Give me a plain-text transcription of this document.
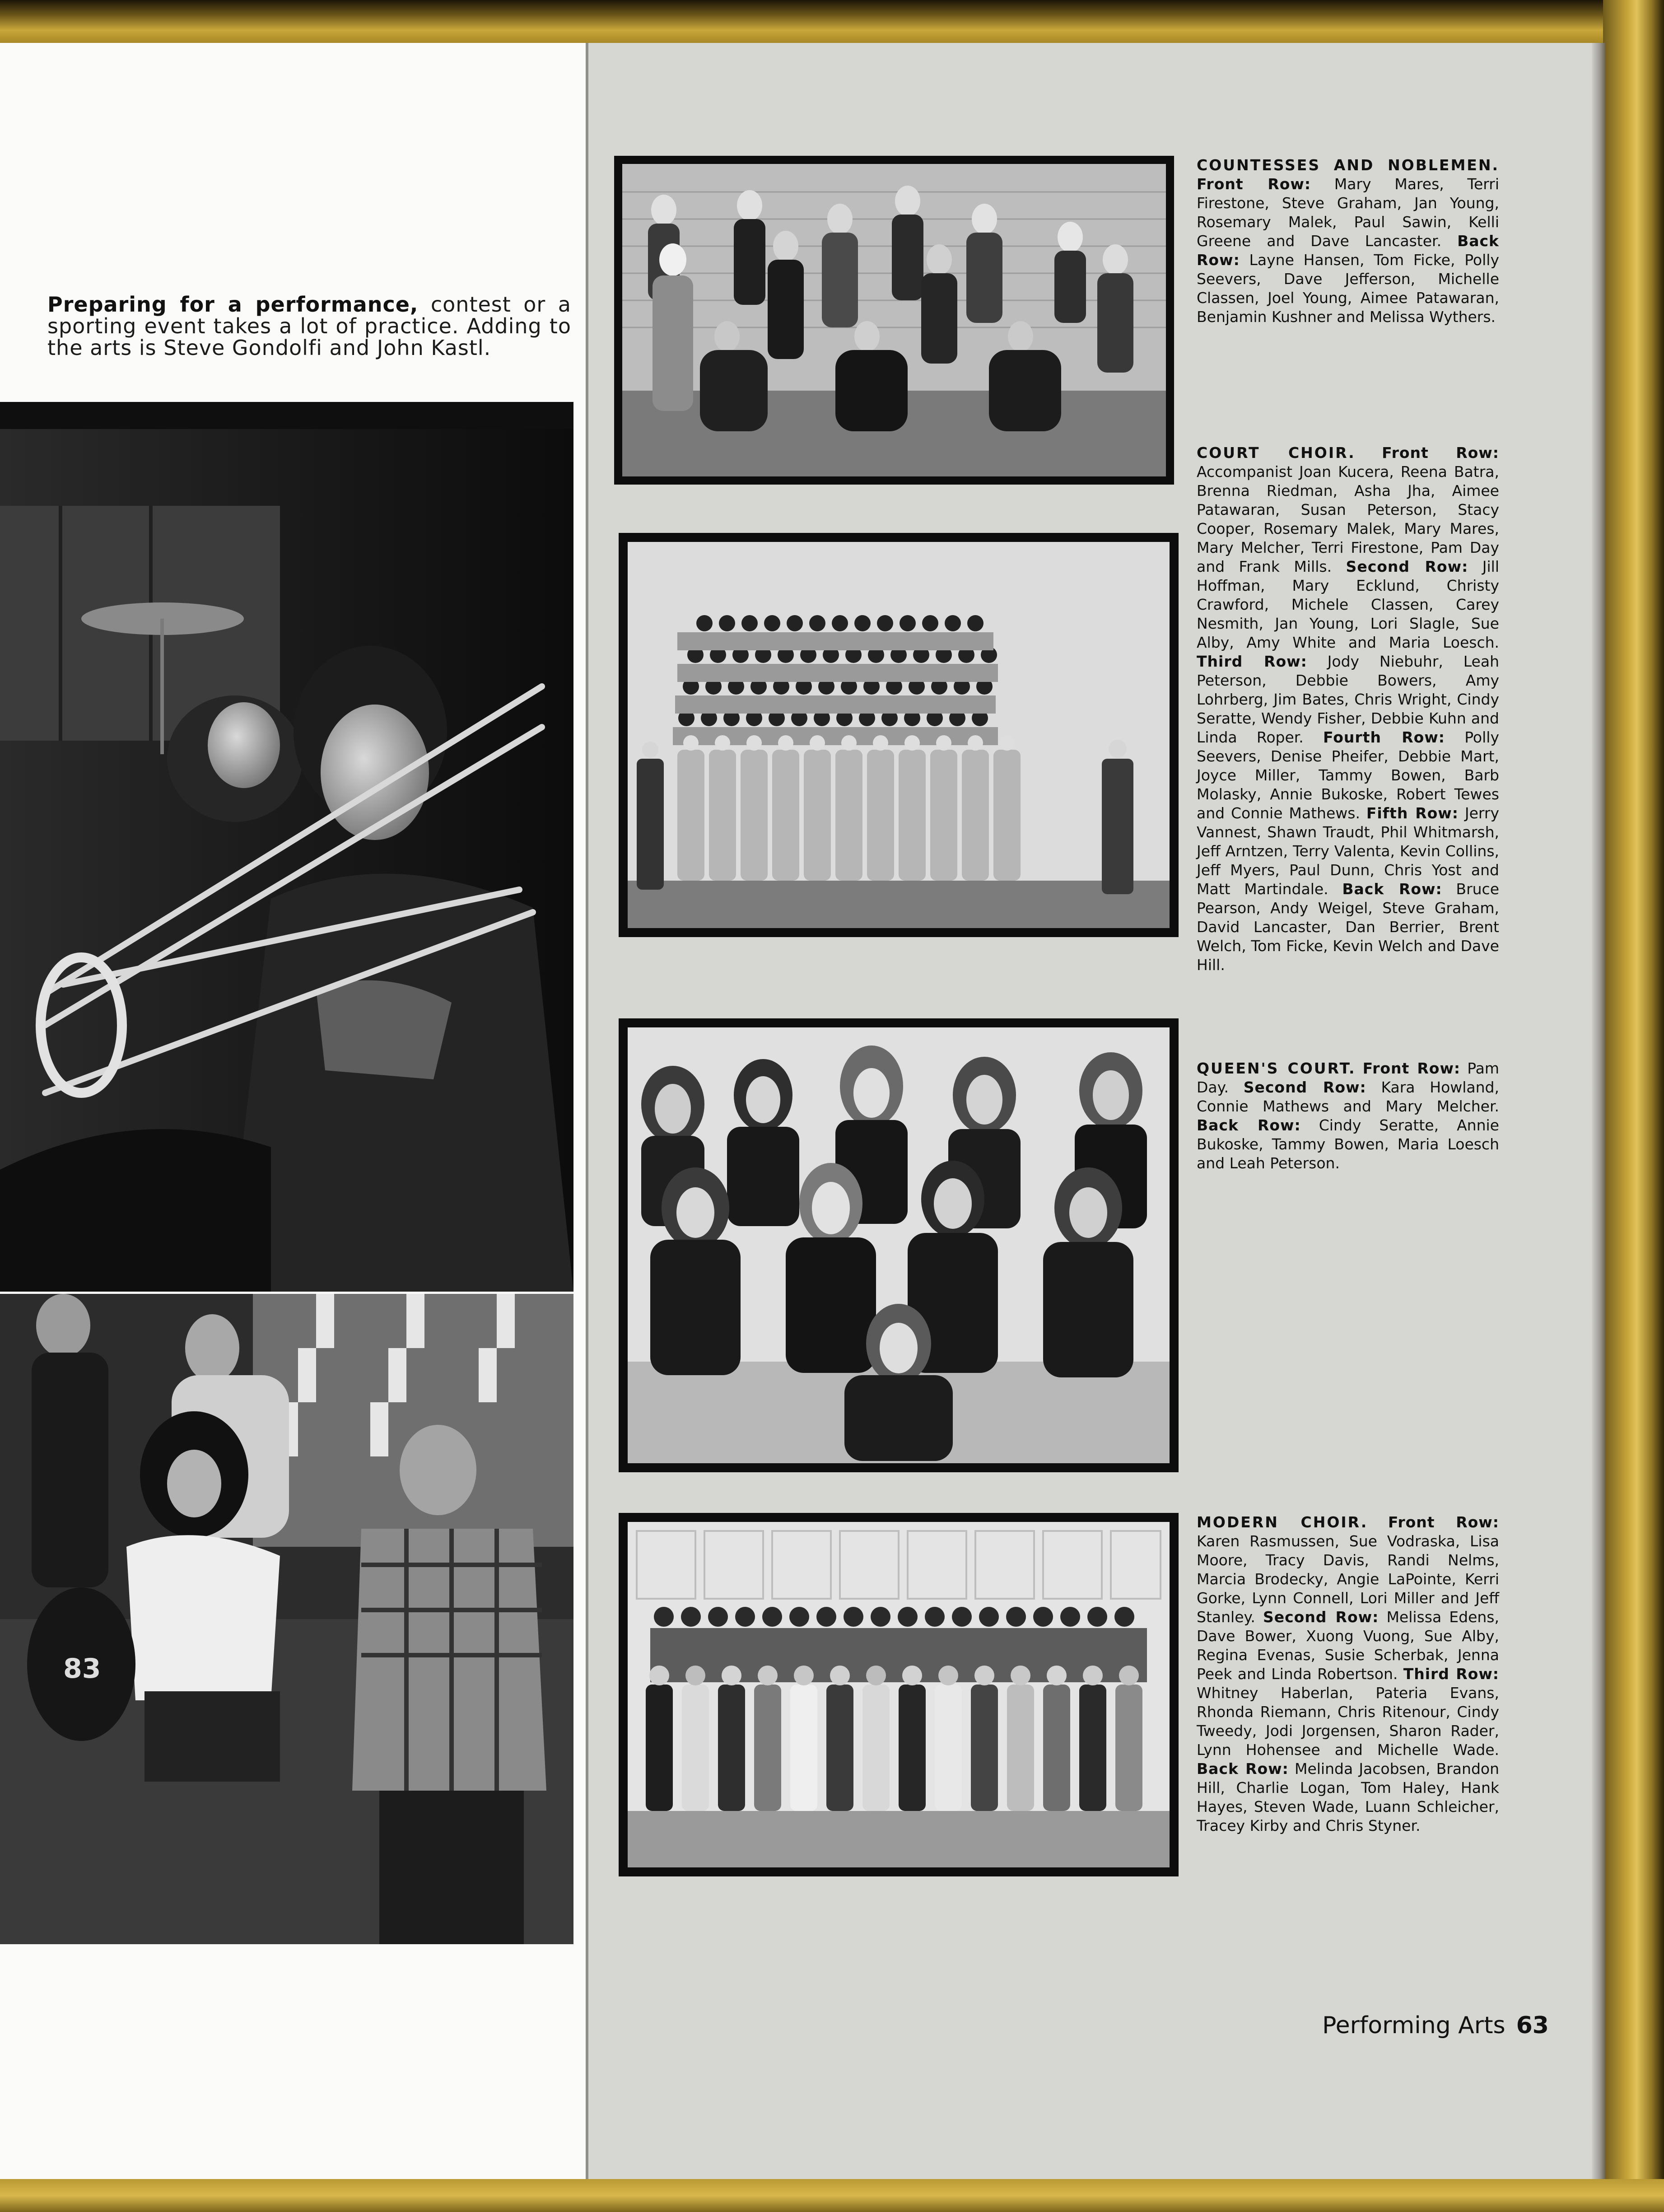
Preparing for a performance, contest or a sporting event takes a lot of practice. Adding to the arts is Steve Gondolfi and John Kastl.
83
COUNTESSES AND NOBLEMEN. Front Row: Mary Mares, Terri Firestone, Steve Graham, Jan Young, Rosemary Malek, Paul Sawin, Kelli Greene and Dave Lancaster. Back Row: Layne Hansen, Tom Ficke, Polly Seevers, Dave Jefferson, Michelle Classen, Joel Young, Aimee Patawaran, Benjamin Kushner and Melissa Wythers.
COURT CHOIR. Front Row: Accompanist Joan Kucera, Reena Batra, Brenna Riedman, Asha Jha, Aimee Patawaran, Susan Peterson, Stacy Cooper, Rosemary Malek, Mary Mares, Mary Melcher, Terri Firestone, Pam Day and Frank Mills. Second Row: Jill Hoffman, Mary Ecklund, Christy Crawford, Michele Classen, Carey Nesmith, Jan Young, Lori Slagle, Sue Alby, Amy White and Maria Loesch. Third Row: Jody Niebuhr, Leah Peterson, Debbie Bowers, Amy Lohrberg, Jim Bates, Chris Wright, Cindy Seratte, Wendy Fisher, Debbie Kuhn and Linda Roper. Fourth Row: Polly Seevers, Denise Pheifer, Debbie Mart, Joyce Miller, Tammy Bowen, Barb Molasky, Annie Bukoske, Robert Tewes and Connie Mathews. Fifth Row: Jerry Vannest, Shawn Traudt, Phil Whitmarsh, Jeff Arntzen, Terry Valenta, Kevin Collins, Jeff Myers, Paul Dunn, Chris Yost and Matt Martindale. Back Row: Bruce Pearson, Andy Weigel, Steve Graham, David Lancaster, Dan Berrier, Brent Welch, Tom Ficke, Kevin Welch and Dave Hill.
QUEEN'S COURT. Front Row: Pam Day. Second Row: Kara Howland, Connie Mathews and Mary Melcher. Back Row: Cindy Seratte, Annie Bukoske, Tammy Bowen, Maria Loesch and Leah Peterson.
MODERN CHOIR. Front Row: Karen Rasmussen, Sue Vodraska, Lisa Moore, Tracy Davis, Randi Nelms, Marcia Brodecky, Angie LaPointe, Kerri Gorke, Lynn Connell, Lori Miller and Jeff Stanley. Second Row: Melissa Edens, Dave Bower, Xuong Vuong, Sue Alby, Regina Evenas, Susie Scherbak, Jenna Peek and Linda Robertson. Third Row: Whitney Haberlan, Pateria Evans, Rhonda Riemann, Chris Ritenour, Cindy Tweedy, Jodi Jorgensen, Sharon Rader, Lynn Hohensee and Michelle Wade. Back Row: Melinda Jacobsen, Brandon Hill, Charlie Logan, Tom Haley, Hank Hayes, Steven Wade, Luann Schleicher, Tracey Kirby and Chris Styner.
Performing Arts 63
